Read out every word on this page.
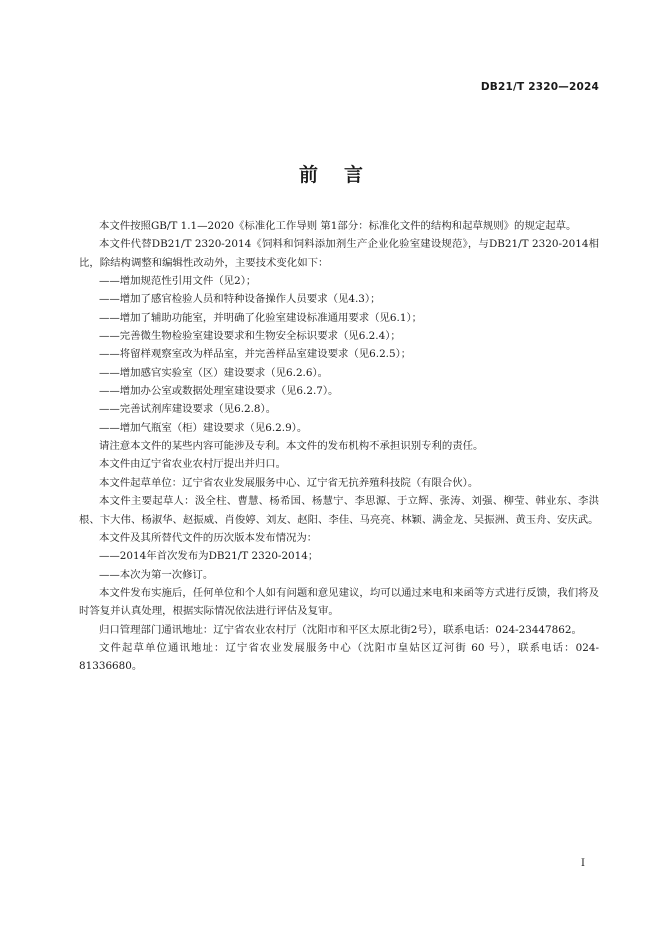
DB21/T 2320—2024
前言

本文件按照GB/T 1.1—2020《标准化工作导则 第1部分：标准化文件的结构和起草规则》的规定起草。

本文件代替DB21/T 2320-2014《饲料和饲料添加剂生产企业化验室建设规范》，与DB21/T 2320-2014相比，除结构调整和编辑性改动外，主要技术变化如下：

——增加规范性引用文件（见2）；

——增加了感官检验人员和特种设备操作人员要求（见4.3）；

——增加了辅助功能室，并明确了化验室建设标准通用要求（见6.1）；

——完善微生物检验室建设要求和生物安全标识要求（见6.2.4）；

——将留样观察室改为样品室，并完善样品室建设要求（见6.2.5）；

——增加感官实验室（区）建设要求（见6.2.6）。

——增加办公室或数据处理室建设要求（见6.2.7）。

——完善试剂库建设要求（见6.2.8）。

——增加气瓶室（柜）建设要求（见6.2.9）。

请注意本文件的某些内容可能涉及专利。本文件的发布机构不承担识别专利的责任。

本文件由辽宁省农业农村厅提出并归口。

本文件起草单位：辽宁省农业发展服务中心、辽宁省无抗养殖科技院（有限合伙）。

本文件主要起草人：汲全柱、曹慧、杨希国、杨慧宁、李思源、于立辉、张涛、刘强、柳莹、韩业东、李洪根、卞大伟、杨淑华、赵振威、肖俊婷、刘友、赵阳、李佳、马亮亮、林颖、满金龙、吴振洲、黄玉舟、安庆武。

本文件及其所替代文件的历次版本发布情况为：

——2014年首次发布为DB21/T 2320-2014；

——本次为第一次修订。

本文件发布实施后，任何单位和个人如有问题和意见建议，均可以通过来电和来函等方式进行反馈，我们将及时答复并认真处理，根据实际情况依法进行评估及复审。

归口管理部门通讯地址：辽宁省农业农村厅（沈阳市和平区太原北街2号），联系电话：024-23447862。

文件起草单位通讯地址：辽宁省农业发展服务中心（沈阳市皇姑区辽河街 60 号），联系电话：024-81336680。

I
